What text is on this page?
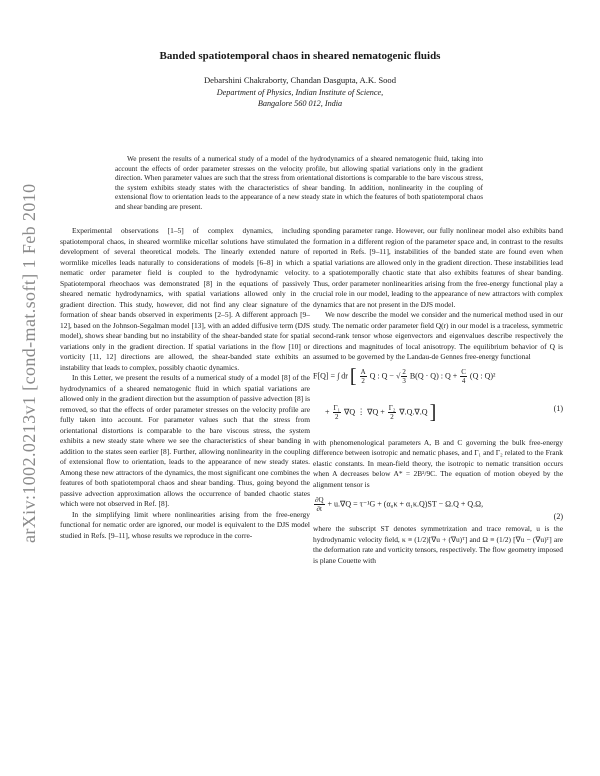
arXiv:1002.0213v1 [cond-mat.soft] 1 Feb 2010
Banded spatiotemporal chaos in sheared nematogenic fluids
Debarshini Chakraborty, Chandan Dasgupta, A.K. Sood
Department of Physics, Indian Institute of Science,
Bangalore 560 012, India
We present the results of a numerical study of a model of the hydrodynamics of a sheared nematogenic fluid, taking into account the effects of order parameter stresses on the velocity profile, but allowing spatial variations only in the gradient direction. When parameter values are such that the stress from orientational distortions is comparable to the bare viscous stress, the system exhibits steady states with the characteristics of shear banding. In addition, nonlinearity in the coupling of extensional flow to orientation leads to the appearance of a new steady state in which the features of both spatiotemporal chaos and shear banding are present.

Experimental observations [1–5] of complex dynamics, including spatiotemporal chaos, in sheared wormlike micellar solutions have stimulated the development of several theoretical models. The linearly extended nature of wormlike micelles leads naturally to considerations of models [6–8] in which a nematic order parameter field is coupled to the hydrodynamic velocity. Spatiotemporal rheochaos was demonstrated [8] in the equations of passively sheared nematic hydrodynamics, with spatial variations allowed only in the gradient direction. This study, however, did not find any clear signature of the formation of shear bands observed in experiments [2–5]. A different approach [9–12], based on the Johnson-Segalman model [13], with an added diffusive term (DJS model), shows shear banding but no instability of the shear-banded state for spatial variations only in the gradient direction. If spatial variations in the flow [10] or vorticity [11, 12] directions are allowed, the shear-banded state exhibits an instability that leads to complex, possibly chaotic dynamics.

In this Letter, we present the results of a numerical study of a model [8] of the hydrodynamics of a sheared nematogenic fluid in which spatial variations are allowed only in the gradient direction but the assumption of passive advection [8] is removed, so that the effects of order parameter stresses on the velocity profile are fully taken into account. For parameter values such that the stress from orientational distortions is comparable to the bare viscous stress, the system exhibits a new steady state where we see the characteristics of shear banding in addition to the states seen earlier [8]. Further, allowing nonlinearity in the coupling of extensional flow to orientation, leads to the appearance of new steady states. Among these new attractors of the dynamics, the most significant one combines the features of both spatiotemporal chaos and shear banding. Thus, going beyond the passive advection approximation allows the occurrence of banded chaotic states which were not observed in Ref. [8].

In the simplifying limit where nonlinearities arising from the free-energy functional for nematic order are ignored, our model is equivalent to the DJS model studied in Refs. [9–11], whose results we reproduce in the corre-

sponding parameter range. However, our fully nonlinear model also exhibits band formation in a different region of the parameter space and, in contrast to the results reported in Refs. [9–11], instabilities of the banded state are found even when spatial variations are allowed only in the gradient direction. These instabilities lead to a spatiotemporally chaotic state that also exhibits features of shear banding. Thus, order parameter nonlinearities arising from the free-energy functional play a crucial role in our model, leading to the appearance of new attractors with complex dynamics that are not present in the DJS model.

We now describe the model we consider and the numerical method used in our study. The nematic order parameter field Q(r) in our model is a traceless, symmetric second-rank tensor whose eigenvectors and eigenvalues describe respectively the directions and magnitudes of local anisotropy. The equilibrium behavior of Q is assumed to be governed by the Landau-de Gennes free-energy functional

F[Q] = ∫ dr [ $\frac{A}{2}$ Q : Q − √ $\frac{2}{3} B(Q \cdot Q)$ : $Q + \frac{C}{4} (Q$ : Q)²
+ $\frac{\text{Γ₁}}{2} \nabla Q$ ⋮ $\nabla Q + \frac{\text{Γ₂}}{2} \nabla.Q.\nabla.Q$ ]	(1)

with phenomenological parameters A, B and C governing the bulk free-energy difference between isotropic and nematic phases, and Γ₁ and Γ₂ related to the Frank elastic constants. In mean-field theory, the isotropic to nematic transition occurs when A decreases below A* = 2B²/9C. The equation of motion obeyed by the alignment tensor is

$\frac{\partial Q}{\partial t} + u.\nabla Q = \tau^{-1}G + (\alpha_0\kappa + \alpha_1\kappa.Q)ST - \Omega.Q + Q.\Omega$,
(2)

where the subscript ST denotes symmetrization and trace removal, u is the hydrodynamic velocity field, κ ≡ (1/2)[∇u + (∇u)ᵀ] and Ω ≡ (1/2) [∇u − (∇u)ᵀ] are the deformation rate and vorticity tensors, respectively. The flow geometry imposed is plane Couette with
